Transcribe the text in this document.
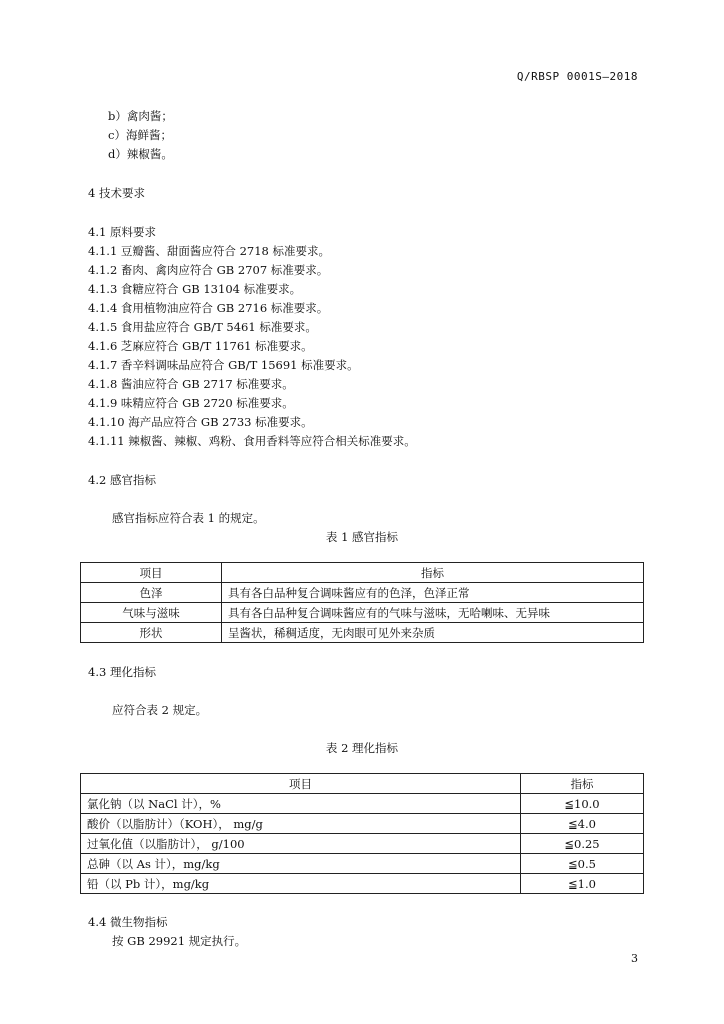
Q/RBSP 0001S—2018
b）禽肉酱；
c）海鲜酱；
d）辣椒酱。
4 技术要求
4.1 原料要求
4.1.1 豆瓣酱、甜面酱应符合 2718 标准要求。
4.1.2 畜肉、禽肉应符合 GB 2707 标准要求。
4.1.3 食糖应符合 GB 13104 标准要求。
4.1.4 食用植物油应符合 GB 2716 标准要求。
4.1.5 食用盐应符合 GB/T 5461 标准要求。
4.1.6 芝麻应符合 GB/T 11761 标准要求。
4.1.7 香辛料调味品应符合 GB/T 15691 标准要求。
4.1.8 酱油应符合 GB 2717 标准要求。
4.1.9 味精应符合 GB 2720 标准要求。
4.1.10 海产品应符合 GB 2733 标准要求。
4.1.11 辣椒酱、辣椒、鸡粉、食用香料等应符合相关标准要求。
4.2 感官指标
感官指标应符合表 1 的规定。
表 1 感官指标
项目	指标
色泽	具有各白品种复合调味酱应有的色泽，色泽正常
气味与滋味	具有各白品种复合调味酱应有的气味与滋味，无哈喇味、无异味
形状	呈酱状，稀稠适度，无肉眼可见外来杂质
4.3 理化指标
应符合表 2 规定。
表 2 理化指标
项目	指标
氯化钠（以 NaCl 计），%	≦10.0
酸价（以脂肪计）（KOH）， mg/g	≦4.0
过氧化值（以脂肪计）， g/100	≦0.25
总砷（以 As 计），mg/kg	≦0.5
铅（以 Pb 计），mg/kg	≦1.0
4.4 微生物指标
按 GB 29921 规定执行。
3
